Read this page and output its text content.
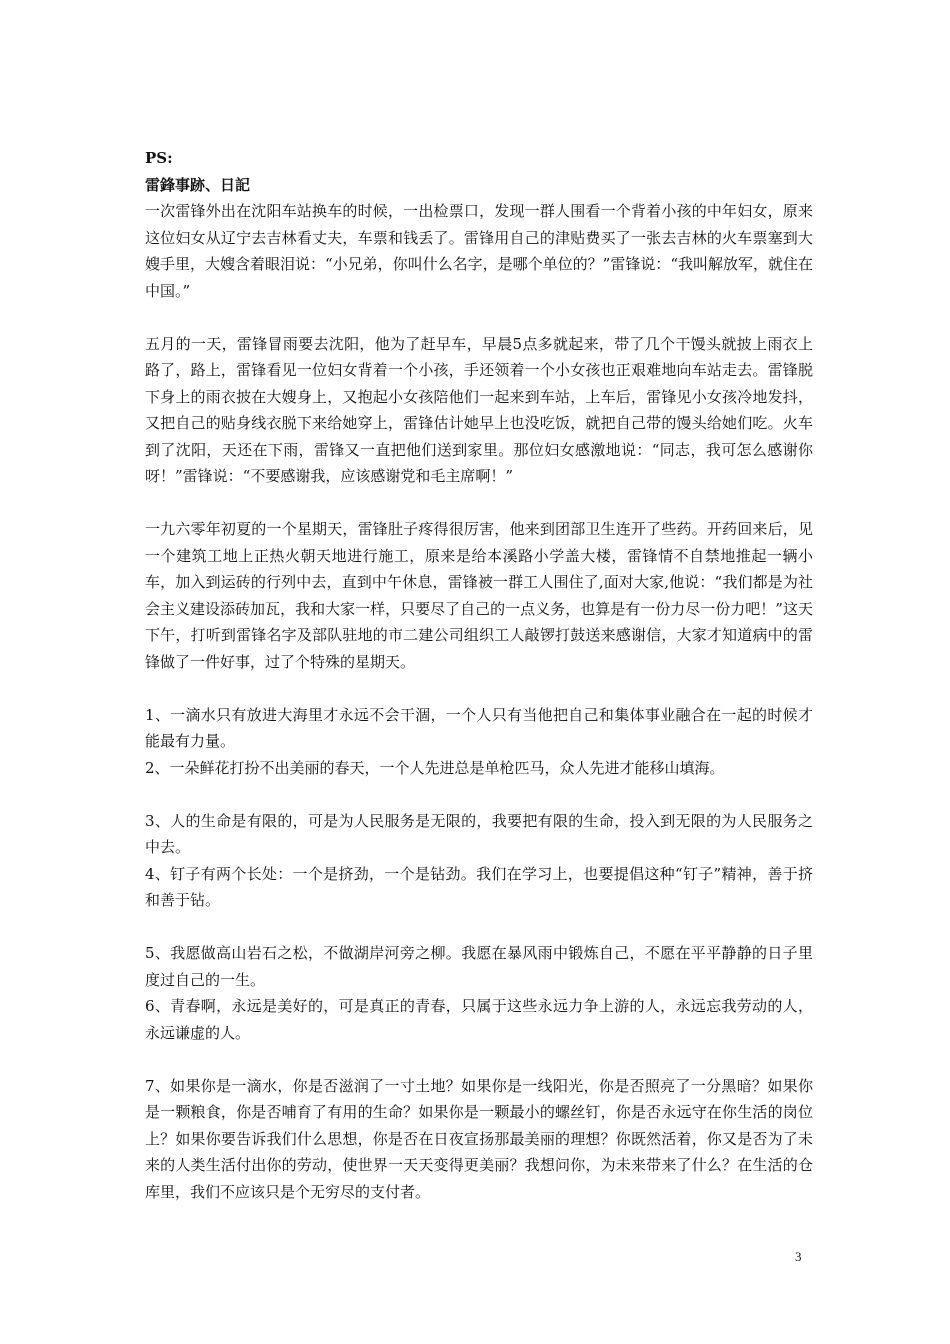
PS:

雷鋒事跡、日記

一次雷锋外出在沈阳车站换车的时候，一出检票口，发现一群人围看一个背着小孩的中年妇女，原来这位妇女从辽宁去吉林看丈夫，车票和钱丢了。雷锋用自己的津贴费买了一张去吉林的火车票塞到大嫂手里，大嫂含着眼泪说：“小兄弟，你叫什么名字，是哪个单位的？”雷锋说：“我叫解放军，就住在中国。”

五月的一天，雷锋冒雨要去沈阳，他为了赶早车，早晨5点多就起来，带了几个干馒头就披上雨衣上路了，路上，雷锋看见一位妇女背着一个小孩，手还领着一个小女孩也正艰难地向车站走去。雷锋脱下身上的雨衣披在大嫂身上，又抱起小女孩陪他们一起来到车站，上车后，雷锋见小女孩冷地发抖，又把自己的贴身线衣脱下来给她穿上，雷锋估计她早上也没吃饭，就把自己带的馒头给她们吃。火车到了沈阳，天还在下雨，雷锋又一直把他们送到家里。那位妇女感激地说：“同志，我可怎么感谢你呀！”雷锋说：“不要感谢我，应该感谢党和毛主席啊！”

一九六零年初夏的一个星期天，雷锋肚子疼得很厉害，他来到团部卫生连开了些药。开药回来后，见一个建筑工地上正热火朝天地进行施工，原来是给本溪路小学盖大楼，雷锋情不自禁地推起一辆小车，加入到运砖的行列中去，直到中午休息，雷锋被一群工人围住了,面对大家,他说：“我们都是为社会主义建设添砖加瓦，我和大家一样，只要尽了自己的一点义务，也算是有一份力尽一份力吧！”这天下午，打听到雷锋名字及部队驻地的市二建公司组织工人敲锣打鼓送来感谢信，大家才知道病中的雷锋做了一件好事，过了个特殊的星期天。

1、一滴水只有放进大海里才永远不会干涸，一个人只有当他把自己和集体事业融合在一起的时候才能最有力量。

2、一朵鲜花打扮不出美丽的春天，一个人先进总是单枪匹马，众人先进才能移山填海。

3、人的生命是有限的，可是为人民服务是无限的，我要把有限的生命，投入到无限的为人民服务之中去。

4、钉子有两个长处：一个是挤劲，一个是钻劲。我们在学习上，也要提倡这种“钉子”精神，善于挤和善于钻。

5、我愿做高山岩石之松，不做湖岸河旁之柳。我愿在暴风雨中锻炼自己，不愿在平平静静的日子里度过自己的一生。

6、青春啊，永远是美好的，可是真正的青春，只属于这些永远力争上游的人，永远忘我劳动的人，永远谦虚的人。

7、如果你是一滴水，你是否滋润了一寸土地？如果你是一线阳光，你是否照亮了一分黑暗？如果你是一颗粮食，你是否哺育了有用的生命？如果你是一颗最小的螺丝钉，你是否永远守在你生活的岗位上？如果你要告诉我们什么思想，你是否在日夜宣扬那最美丽的理想？你既然活着，你又是否为了未来的人类生活付出你的劳动，使世界一天天变得更美丽？我想问你，为未来带来了什么？在生活的仓库里，我们不应该只是个无穷尽的支付者。

3
